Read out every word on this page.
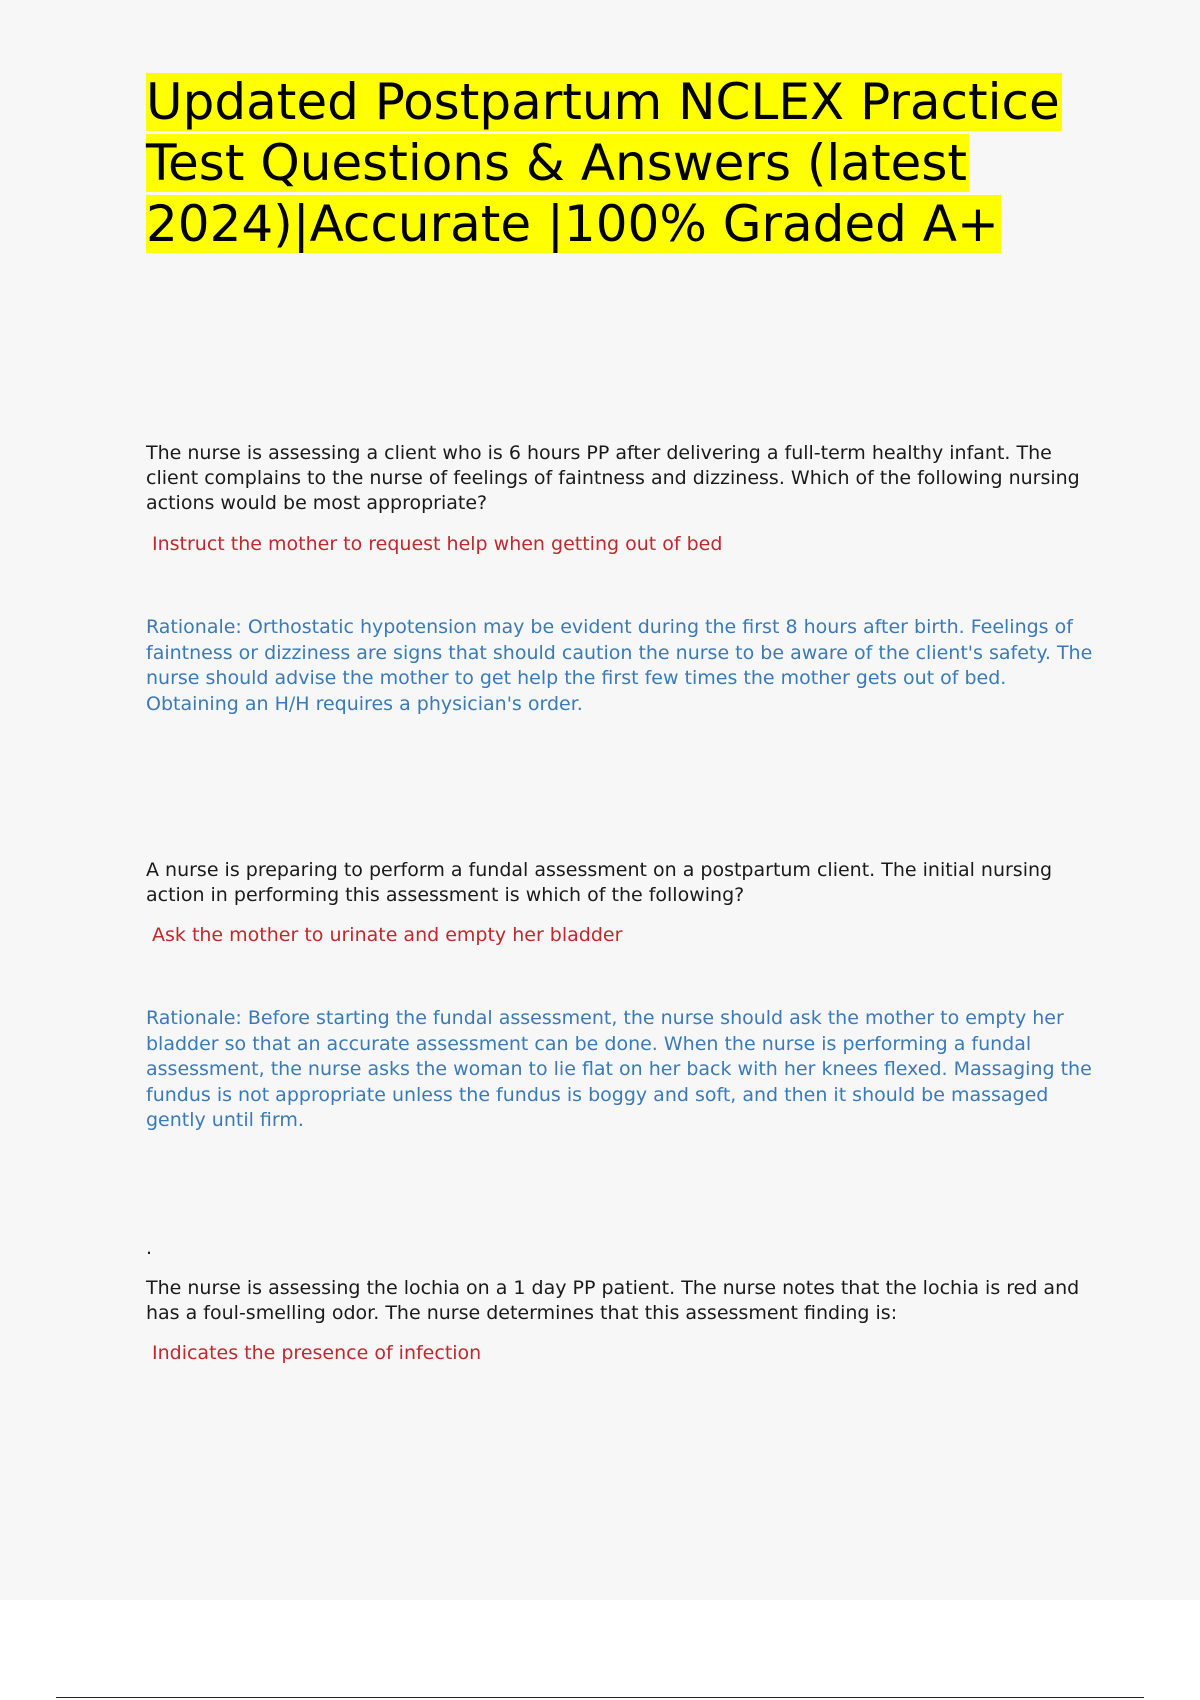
Updated Postpartum NCLEX Practice Test Questions & Answers (latest 2024)|Accurate |100% Graded A+

The nurse is assessing a client who is 6 hours PP after delivering a full-term healthy infant. The client complains to the nurse of feelings of faintness and dizziness. Which of the following nursing actions would be most appropriate?

Instruct the mother to request help when getting out of bed

Rationale: Orthostatic hypotension may be evident during the first 8 hours after birth. Feelings of faintness or dizziness are signs that should caution the nurse to be aware of the client's safety. The nurse should advise the mother to get help the first few times the mother gets out of bed. Obtaining an H/H requires a physician's order.

A nurse is preparing to perform a fundal assessment on a postpartum client. The initial nursing action in performing this assessment is which of the following?

Ask the mother to urinate and empty her bladder

Rationale: Before starting the fundal assessment, the nurse should ask the mother to empty her bladder so that an accurate assessment can be done. When the nurse is performing a fundal assessment, the nurse asks the woman to lie flat on her back with her knees flexed. Massaging the fundus is not appropriate unless the fundus is boggy and soft, and then it should be massaged gently until firm.

.

The nurse is assessing the lochia on a 1 day PP patient. The nurse notes that the lochia is red and has a foul-smelling odor. The nurse determines that this assessment finding is:

Indicates the presence of infection
